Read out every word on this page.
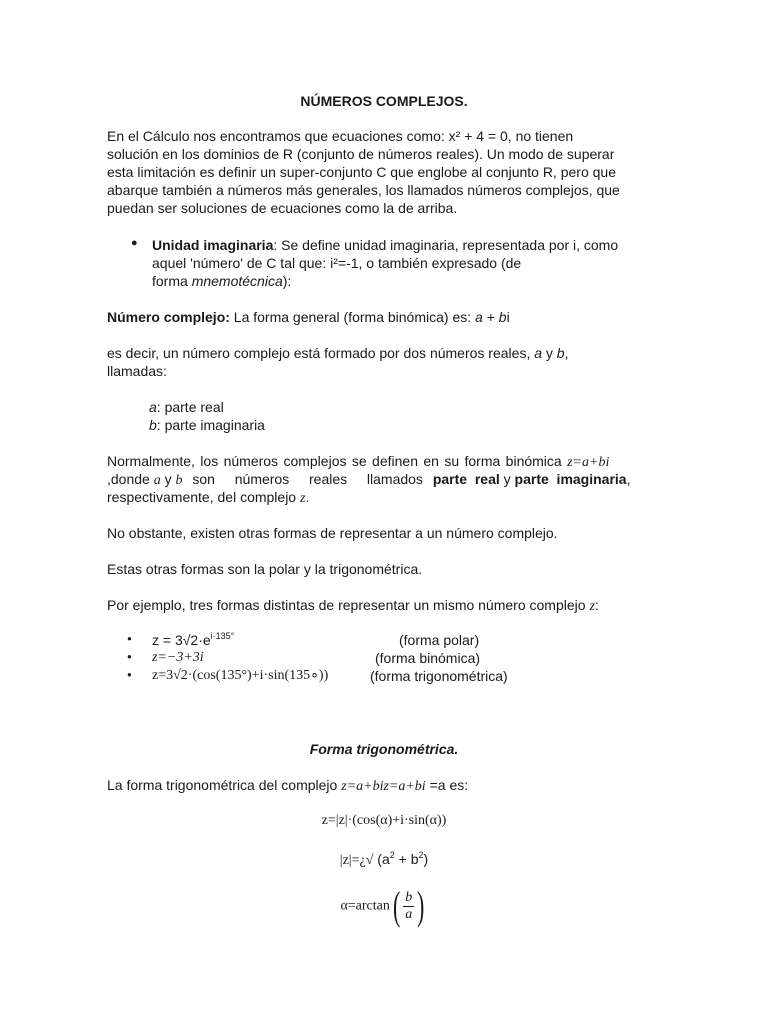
NÚMEROS COMPLEJOS.
En el Cálculo nos encontramos que ecuaciones como: x² + 4 = 0, no tienen
solución en los dominios de R (conjunto de números reales). Un modo de superar
esta limitación es definir un super-conjunto C que englobe al conjunto R, pero que
abarque también a números más generales, los llamados números complejos, que
puedan ser soluciones de ecuaciones como la de arriba.
● Unidad imaginaria: Se define unidad imaginaria, representada por i, como
aquel 'número' de C tal que: i²=-1, o también expresado (de
forma mnemotécnica):
Número complejo: La forma general (forma binómica) es: a + bi
es decir, un número complejo está formado por dos números reales, a y b,
llamadas:
a: parte real
b: parte imaginaria
Normalmente, los números complejos se definen en su forma binómica z=a+bi
,donde a y b son  números  reales  llamados parte  real y parte  imaginaria,
respectivamente, del complejo z.
No obstante, existen otras formas de representar a un número complejo.
Estas otras formas son la polar y la trigonométrica.
Por ejemplo, tres formas distintas de representar un mismo número complejo z:
● $z = 3√2\cdot e^{i\cdot 135^\circ}$	(forma polar)
● z=−3+3i	(forma binómica)
● z=3√2·(cos(135°)+i·sin(135∘))	(forma trigonométrica)
Forma trigonométrica.
La forma trigonométrica del complejo z=a+biz=a+bi =a es:
z=|z|·(cos(α)+i·sin(α))
|z|=¿√ $(a^2 + b^2)$
$\alpha=\arctan( \frac{b}{a}$ )
